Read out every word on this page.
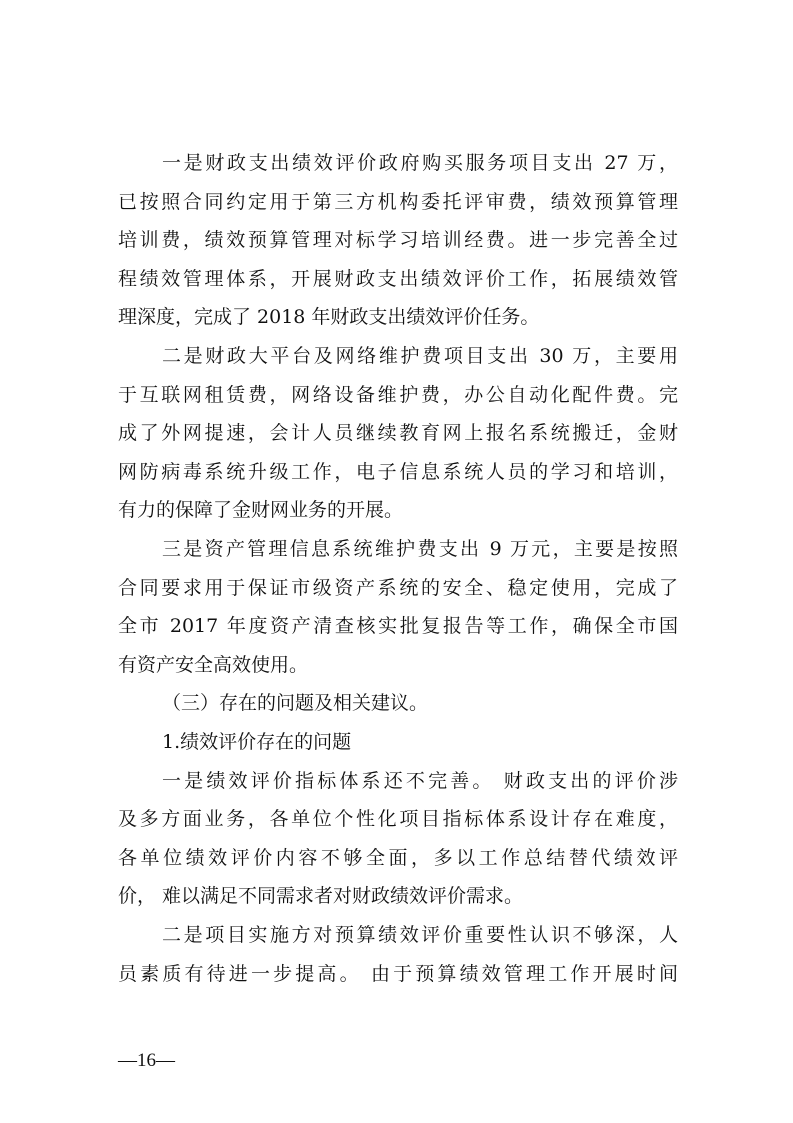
一是财政支出绩效评价政府购买服务项目支出 27 万，

已按照合同约定用于第三方机构委托评审费，绩效预算管理

培训费，绩效预算管理对标学习培训经费。进一步完善全过

程绩效管理体系，开展财政支出绩效评价工作，拓展绩效管

理深度，完成了 2018 年财政支出绩效评价任务。

二是财政大平台及网络维护费项目支出 30 万，主要用

于互联网租赁费，网络设备维护费，办公自动化配件费。完

成了外网提速，会计人员继续教育网上报名系统搬迁，金财

网防病毒系统升级工作，电子信息系统人员的学习和培训，

有力的保障了金财网业务的开展。

三是资产管理信息系统维护费支出 9 万元，主要是按照

合同要求用于保证市级资产系统的安全、稳定使用，完成了

全市 2017 年度资产清查核实批复报告等工作，确保全市国

有资产安全高效使用。

（三）存在的问题及相关建议。

1.绩效评价存在的问题

一是绩效评价指标体系还不完善。 财政支出的评价涉

及多方面业务，各单位个性化项目指标体系设计存在难度，

各单位绩效评价内容不够全面，多以工作总结替代绩效评

价， 难以满足不同需求者对财政绩效评价需求。

二是项目实施方对预算绩效评价重要性认识不够深，人

员素质有待进一步提高。 由于预算绩效管理工作开展时间

—16—
